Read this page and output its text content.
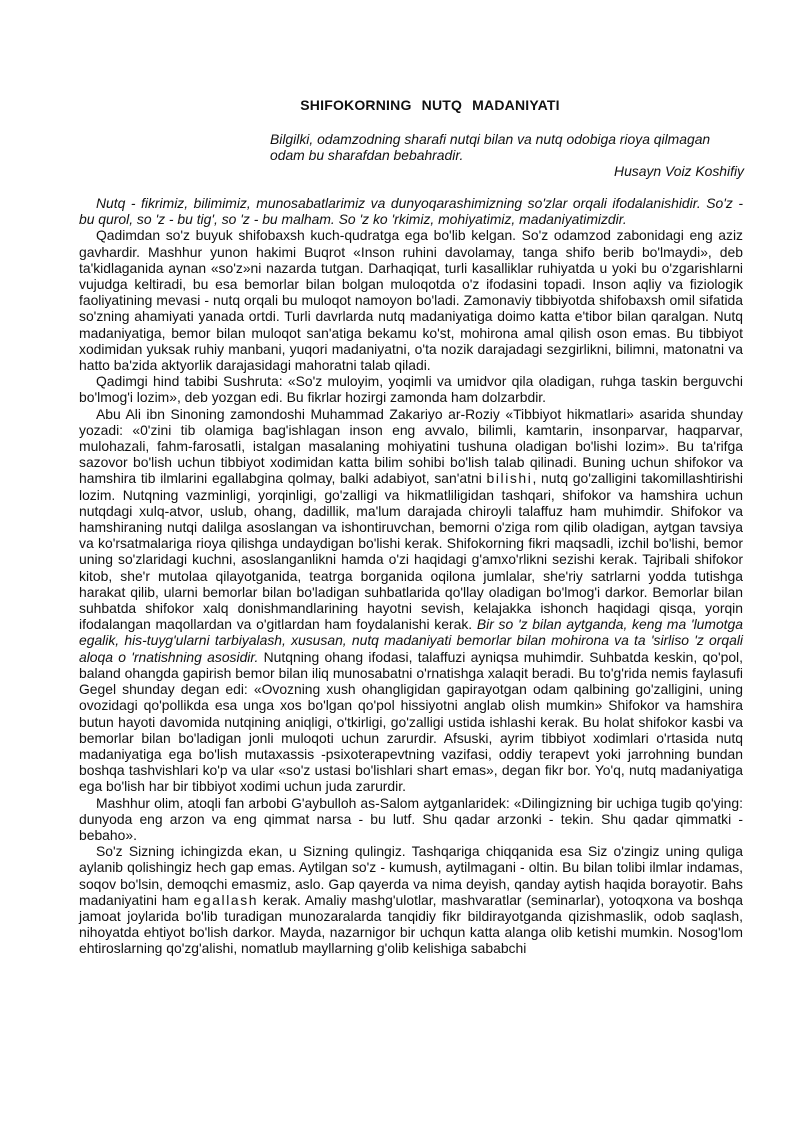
SHIFOKORNING NUTQ MADANIYATI
Bilgilki, odamzodning sharafi nutqi bilan va nutq odobiga rioya qilmagan odam bu sharafdan bebahradir.
Husayn Voiz Koshifiy

Nutq - fikrimiz, bilimimiz, munosabatlarimiz va dunyoqarashimizning so'zlar orqali ifodalanishidir. So'z - bu qurol, so 'z - bu tig', so 'z - bu malham. So 'z ko 'rkimiz, mohiyatimiz, madaniyatimizdir.

Qadimdan so'z buyuk shifobaxsh kuch-qudratga ega bo'lib kelgan. So'z odamzod zabonidagi eng aziz gavhardir. Mashhur yunon hakimi Buqrot «Inson ruhini davolamay, tanga shifo berib bo'lmaydi», deb ta'kidlaganida aynan «so'z»ni nazarda tutgan. Darhaqiqat, turli kasalliklar ruhiyatda u yoki bu o'zgarishlarni vujudga keltiradi, bu esa bemorlar bilan bolgan muloqotda o'z ifodasini topadi. Inson aqliy va fiziologik faoliyatining mevasi - nutq orqali bu muloqot namoyon bo'ladi. Zamonaviy tibbiyotda shifobaxsh omil sifatida so'zning ahamiyati yanada ortdi. Turli davrlarda nutq madaniyatiga doimo katta e'tibor bilan qaralgan. Nutq madaniyatiga, bemor bilan muloqot san'atiga bekamu ko'st, mohirona amal qilish oson emas. Bu tibbiyot xodimidan yuksak ruhiy manbani, yuqori madaniyatni, o'ta nozik darajadagi sezgirlikni, bilimni, matonatni va hatto ba'zida aktyorlik darajasidagi mahoratni talab qiladi.

Qadimgi hind tabibi Sushruta: «So'z muloyim, yoqimli va umidvor qila oladigan, ruhga taskin berguvchi bo'lmog'i lozim», deb yozgan edi. Bu fikrlar hozirgi zamonda ham dolzarbdir.

Abu Ali ibn Sinoning zamondoshi Muhammad Zakariyo ar-Roziy «Tibbiyot hikmatlari» asarida shunday yozadi: «0'zini tib olamiga bag'ishlagan inson eng avvalo, bilimli, kamtarin, insonparvar, haqparvar, mulohazali, fahm-farosatli, istalgan masalaning mohiyatini tushuna oladigan bo'lishi lozim». Bu ta'rifga sazovor bo'lish uchun tibbiyot xodimidan katta bilim sohibi bo'lish talab qilinadi. Buning uchun shifokor va hamshira tib ilmlarini egallabgina qolmay, balki adabiyot, san'atni bilishi, nutq go'zalligini takomillashtirishi lozim. Nutqning vazminligi, yorqinligi, go'zalligi va hikmatliligidan tashqari, shifokor va hamshira uchun nutqdagi xulq-atvor, uslub, ohang, dadillik, ma'lum darajada chiroyli talaffuz ham muhimdir. Shifokor va hamshiraning nutqi dalilga asoslangan va ishontiruvchan, bemorni o'ziga rom qilib oladigan, aytgan tavsiya va ko'rsatmalariga rioya qilishga undaydigan bo'lishi kerak. Shifokorning fikri maqsadli, izchil bo'lishi, bemor uning so'zlaridagi kuchni, asoslanganlikni hamda o'zi haqidagi g'amxo'rlikni sezishi kerak. Tajribali shifokor kitob, she'r mutolaa qilayotganida, teatrga borganida oqilona jumlalar, she'riy satrlarni yodda tutishga harakat qilib, ularni bemorlar bilan bo'ladigan suhbatlarida qo'llay oladigan bo'lmog'i darkor. Bemorlar bilan suhbatda shifokor xalq donishmandlarining hayotni sevish, kelajakka ishonch haqidagi qisqa, yorqin ifodalangan maqollardan va o'gitlardan ham foydalanishi kerak. Bir so 'z bilan aytganda, keng ma 'lumotga egalik, his-tuyg'ularni tarbiyalash, xususan, nutq madaniyati bemorlar bilan mohirona va ta 'sirliso 'z orqali aloqa o 'rnatishning asosidir. Nutqning ohang ifodasi, talaffuzi ayniqsa muhimdir. Suhbatda keskin, qo'pol, baland ohangda gapirish bemor bilan iliq munosabatni o'rnatishga xalaqit beradi. Bu to'g'rida nemis faylasufi Gegel shunday degan edi: «Ovozning xush ohangligidan gapirayotgan odam qalbining go'zalligini, uning ovozidagi qo'pollikda esa unga xos bo'lgan qo'pol hissiyotni anglab olish mumkin» Shifokor va hamshira butun hayoti davomida nutqining aniqligi, o'tkirligi, go'zalligi ustida ishlashi kerak. Bu holat shifokor kasbi va bemorlar bilan bo'ladigan jonli muloqoti uchun zarurdir. Afsuski, ayrim tibbiyot xodimlari o'rtasida nutq madaniyatiga ega bo'lish mutaxassis -psixoterapevtning vazifasi, oddiy terapevt yoki jarrohning bundan boshqa tashvishlari ko'p va ular «so'z ustasi bo'lishlari shart emas», degan fikr bor. Yo'q, nutq madaniyatiga ega bo'lish har bir tibbiyot xodimi uchun juda zarurdir.

Mashhur olim, atoqli fan arbobi G'aybulloh as-Salom aytganlaridek: «Dilingizning bir uchiga tugib qo'ying: dunyoda eng arzon va eng qimmat narsa - bu lutf. Shu qadar arzonki - tekin. Shu qadar qimmatki - bebaho».

So'z Sizning ichingizda ekan, u Sizning qulingiz. Tashqariga chiqqanida esa Siz o'zingiz uning quliga aylanib qolishingiz hech gap emas. Aytilgan so'z - kumush, aytilmagani - oltin. Bu bilan tolibi ilmlar indamas, soqov bo'lsin, demoqchi emasmiz, aslo. Gap qayerda va nima deyish, qanday aytish haqida borayotir. Bahs madaniyatini ham egallash kerak. Amaliy mashg'ulotlar, mashvaratlar (seminarlar), yotoqxona va boshqa jamoat joylarida bo'lib turadigan munozaralarda tanqidiy fikr bildirayotganda qizishmaslik, odob saqlash, nihoyatda ehtiyot bo'lish darkor. Mayda, nazarnigor bir uchqun katta alanga olib ketishi mumkin. Nosog'lom ehtiroslarning qo'zg'alishi, nomatlub mayllarning g'olib kelishiga sababchi
